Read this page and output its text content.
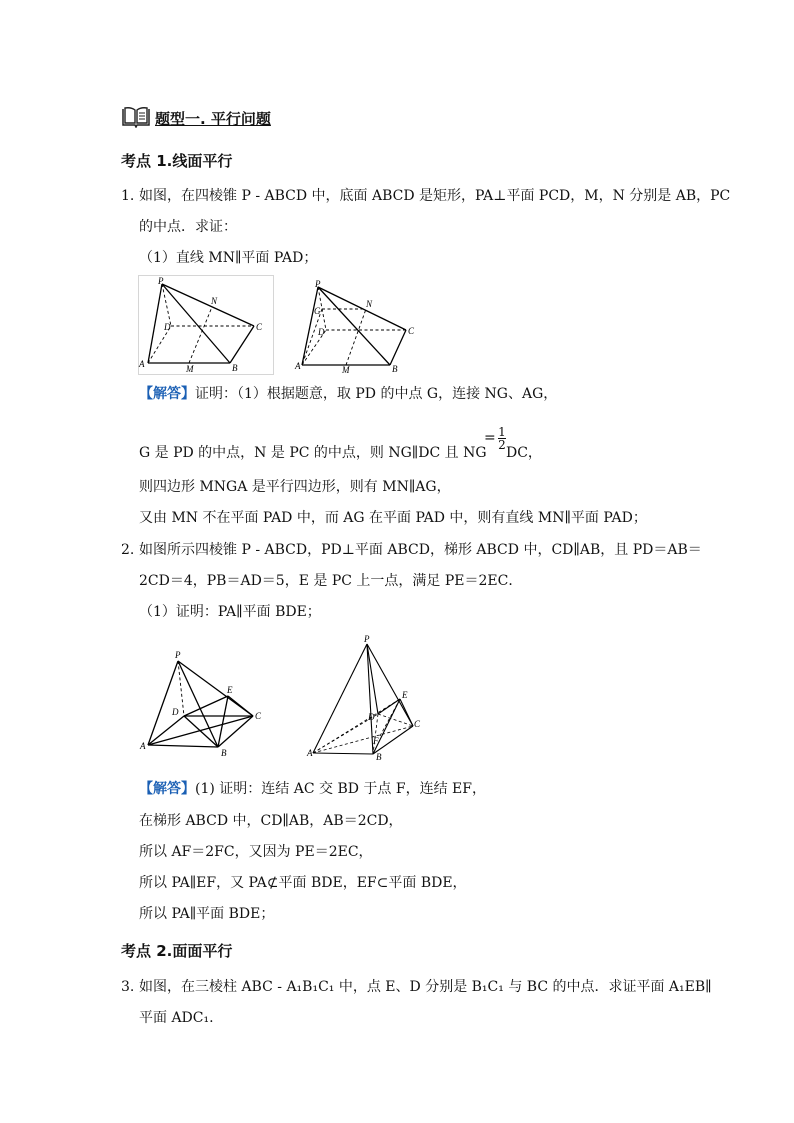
题型一. 平行问题
考点 1.线面平行
1. 如图，在四棱锥 P - ABCD 中，底面 ABCD 是矩形，PA⊥平面 PCD，M，N 分别是 AB，PC
的中点．求证：
（1）直线 MN∥平面 PAD；
P
N
D	C
A	M	B
P
N
G
D	C
A	M	B
【解答】 证明：（1）根据题意，取 PD 的中点 G，连接 NG、AG，
G 是 PD 的中点，N 是 PC 的中点，则 NG∥DC 且 NG
= 1
2 DC，
则四边形 MNGA 是平行四边形，则有 MN∥AG，
又由 MN 不在平面 PAD 中，而 AG 在平面 PAD 中，则有直线 MN∥平面 PAD；
2. 如图所示四棱锥 P - ABCD，PD⊥平面 ABCD，梯形 ABCD 中，CD∥AB，且 PD＝AB＝
2CD＝4，PB＝AD＝5，E 是 PC 上一点，满足 PE＝2EC．
（1）证明：PA∥平面 BDE；
P
E
D	C
A
B
P
E
D
C
F
A	B
【解答】 (1) 证明：连结 AC 交 BD 于点 F，连结 EF，
在梯形 ABCD 中，CD∥AB，AB＝2CD，
所以 AF＝2FC，又因为 PE＝2EC，
所以 PA∥EF，又 PA⊄平面 BDE，EF⊂平面 BDE，
所以 PA∥平面 BDE；
考点 2.面面平行
3. 如图，在三棱柱 ABC - A₁B₁C₁ 中，点 E、D 分别是 B₁C₁ 与 BC 的中点．求证平面 A₁EB∥
平面 ADC₁.
